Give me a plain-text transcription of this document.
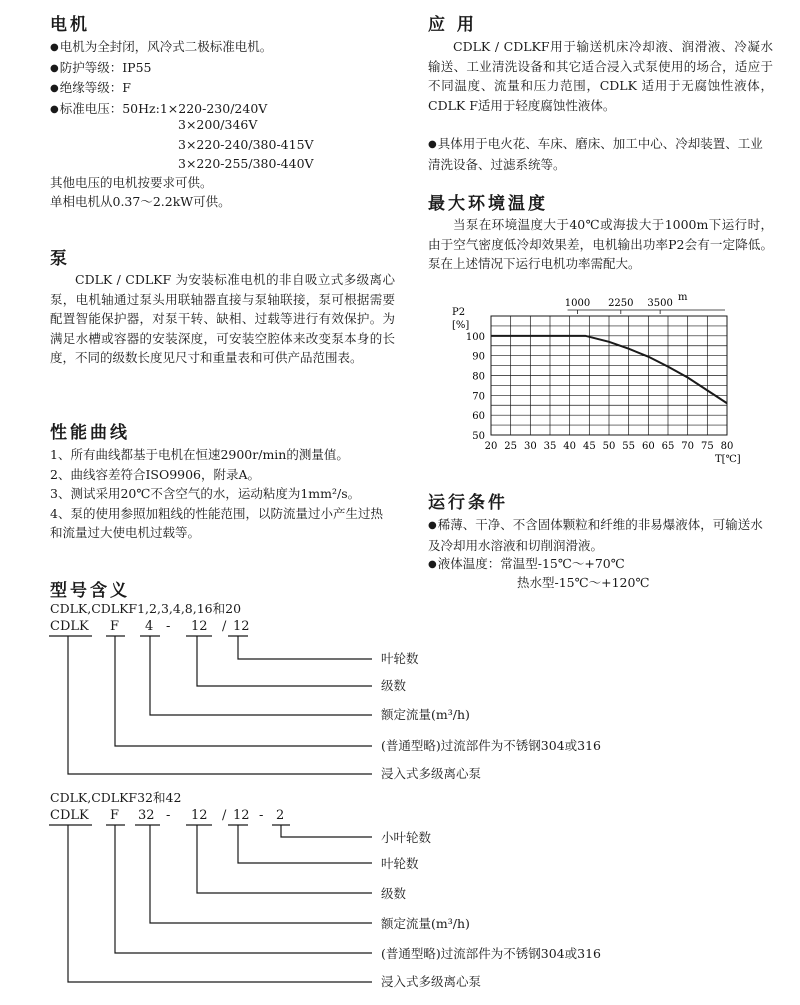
电机
● 电机为全封闭，风冷式二极标准电机。
● 防护等级：IP55
● 绝缘等级：F
● 标准电压：50Hz:1×220-230/240V
3×200/346V
3×220-240/380-415V
3×220-255/380-440V
其他电压的电机按要求可供。
单相电机从0.37～2.2kW可供。
泵
CDLK / CDLKF 为安装标准电机的非自吸立式多级离心泵，电机轴通过泵头用联轴器直接与泵轴联接，泵可根据需要配置智能保护器，对泵干转、缺相、过载等进行有效保护。为满足水槽或容器的安装深度，可安装空腔体来改变泵本身的长度，不同的级数长度见尺寸和重量表和可供产品范围表。
性能曲线
1、所有曲线都基于电机在恒速2900r/min的测量值。
2、曲线容差符合ISO9906，附录A。
3、测试采用20℃不含空气的水，运动粘度为1mm²/s。
4、泵的使用参照加粗线的性能范围，以防流量过小产生过热和流量过大使电机过载等。
型号含义
CDLK,CDLKF1,2,3,4,8,16和20
CDLK F 4 - 12 / 12
叶轮数
级数
额定流量(m³/h)
(普通型略)过流部件为不锈钢304或316
浸入式多级离心泵
CDLK,CDLKF32和42
CDLK F 32 - 12 / 12 - 2
小叶轮数
叶轮数
级数
额定流量(m³/h)
(普通型略)过流部件为不锈钢304或316
浸入式多级离心泵
应 用
CDLK / CDLKF用于输送机床冷却液、润滑液、冷凝水输送、工业清洗设备和其它适合浸入式泵使用的场合，适应于不同温度、流量和压力范围，CDLK 适用于无腐蚀性液体，CDLK F适用于轻度腐蚀性液体。
● 具体用于电火花、车床、磨床、加工中心、冷却装置、工业清洗设备、过滤系统等。
最大环境温度
当泵在环境温度大于40℃或海拔大于1000m下运行时，由于空气密度低冷却效果差，电机输出功率P2会有一定降低。泵在上述情况下运行电机功率需配大。
20 25 30 35 40 45 50 55 60 65 70 75 80
50
60
70
80
90
100
1000 2250 3500
P2
[%]
T[℃]
m
运行条件
● 稀薄、干净、不含固体颗粒和纤维的非易爆液体，可输送水及冷却用水溶液和切削润滑液。
● 液体温度：常温型-15℃～+70℃
热水型-15℃～+120℃
